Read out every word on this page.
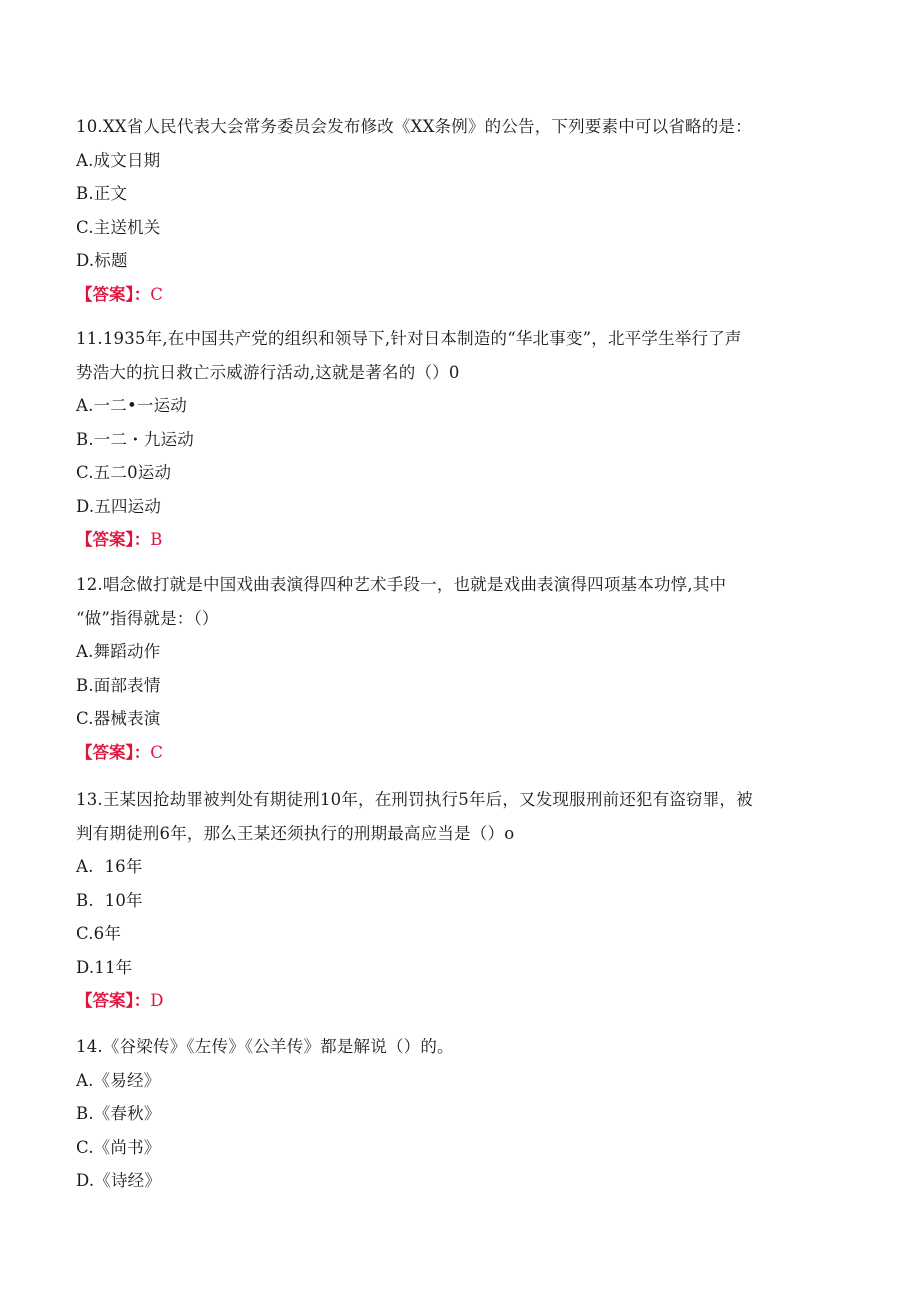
10.XX省人民代表大会常务委员会发布修改《XX条例》的公告，下列要素中可以省略的是：
A.成文日期
B.正文
C.主送机关
D.标题
【答案】：C
11.1935年,在中国共产党的组织和领导下,针对日本制造的“华北事变”，北平学生举行了声
势浩大的抗日救亡示威游行活动,这就是著名的（）0
A.一二•一运动
B.一二・九运动
C.五二0运动
D.五四运动
【答案】：B
12.唱念做打就是中国戏曲表演得四种艺术手段一，也就是戏曲表演得四项基本功惇,其中
“做”指得就是：（）
A.舞蹈动作
B.面部表情
C.器械表演
【答案】：C
13.王某因抢劫罪被判处有期徒刑10年，在刑罚执行5年后，又发现服刑前还犯有盗窃罪，被
判有期徒刑6年，那么王某还须执行的刑期最高应当是（）o
A.  16年
B.  10年
C.6年
D.11年
【答案】：D
14.《谷梁传》《左传》《公羊传》都是解说（）的。
A.《易经》
B.《春秋》
C.《尚书》
D.《诗经》
